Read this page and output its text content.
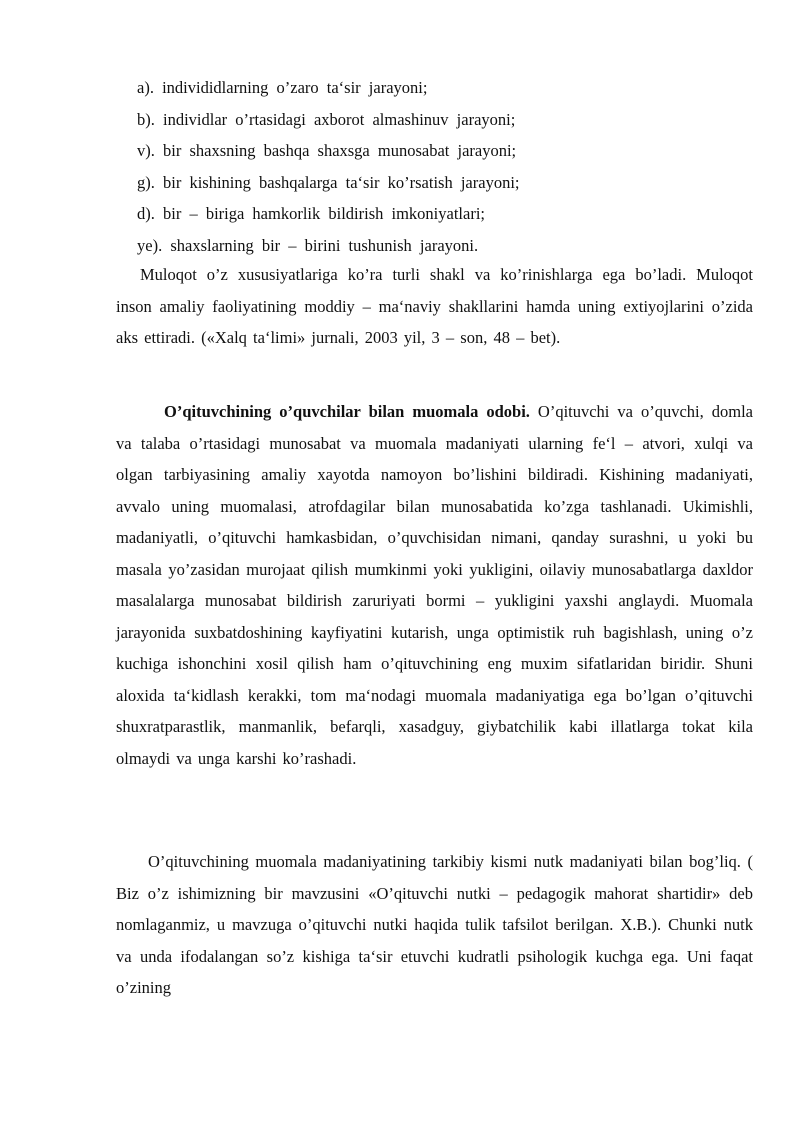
a). individidlarning o’zaro ta‘sir jarayoni;
b). individlar o’rtasidagi axborot almashinuv jarayoni;
v). bir shaxsning bashqa shaxsga munosabat jarayoni;
g). bir kishining bashqalarga ta‘sir ko’rsatish jarayoni;
d). bir – biriga hamkorlik bildirish imkoniyatlari;
ye). shaxslarning bir – birini tushunish jarayoni.

Muloqot o’z xususiyatlariga ko’ra turli shakl va ko’rinishlarga ega bo’ladi. Muloqot inson amaliy faoliyatining moddiy – ma‘naviy shakllarini hamda uning extiyojlarini o’zida aks ettiradi. («Xalq ta‘limi» jurnali, 2003 yil, 3 – son, 48 – bet).

O’qituvchining o’quvchilar bilan muomala odobi. O’qituvchi va o’quvchi, domla va talaba o’rtasidagi munosabat va muomala madaniyati ularning fe‘l – atvori, xulqi va olgan tarbiyasining amaliy xayotda namoyon bo’lishini bildiradi. Kishining madaniyati, avvalo uning muomalasi, atrofdagilar bilan munosabatida ko’zga tashlanadi. Ukimishli, madaniyatli, o’qituvchi hamkasbidan, o’quvchisidan nimani, qanday surashni, u yoki bu masala yo’zasidan murojaat qilish mumkinmi yoki yukligini, oilaviy munosabatlarga daxldor masalalarga munosabat bildirish zaruriyati bormi – yukligini yaxshi anglaydi. Muomala jarayonida suxbatdoshining kayfiyatini kutarish, unga optimistik ruh bagishlash, uning o’z kuchiga ishonchini xosil qilish ham o’qituvchining eng muxim sifatlaridan biridir. Shuni aloxida ta‘kidlash kerakki, tom ma‘nodagi muomala madaniyatiga ega bo’lgan o’qituvchi shuxratparastlik, manmanlik, befarqli, xasadguy, giybatchilik kabi illatlarga tokat kila olmaydi va unga karshi ko’rashadi.

O’qituvchining muomala madaniyatining tarkibiy kismi nutk madaniyati bilan bog’liq. ( Biz o’z ishimizning bir mavzusini «O’qituvchi nutki – pedagogik mahorat shartidir» deb nomlaganmiz, u mavzuga o’qituvchi nutki haqida tulik tafsilot berilgan. X.B.). Chunki nutk va unda ifodalangan so’z kishiga ta‘sir etuvchi kudratli psihologik kuchga ega. Uni faqat o’zining
